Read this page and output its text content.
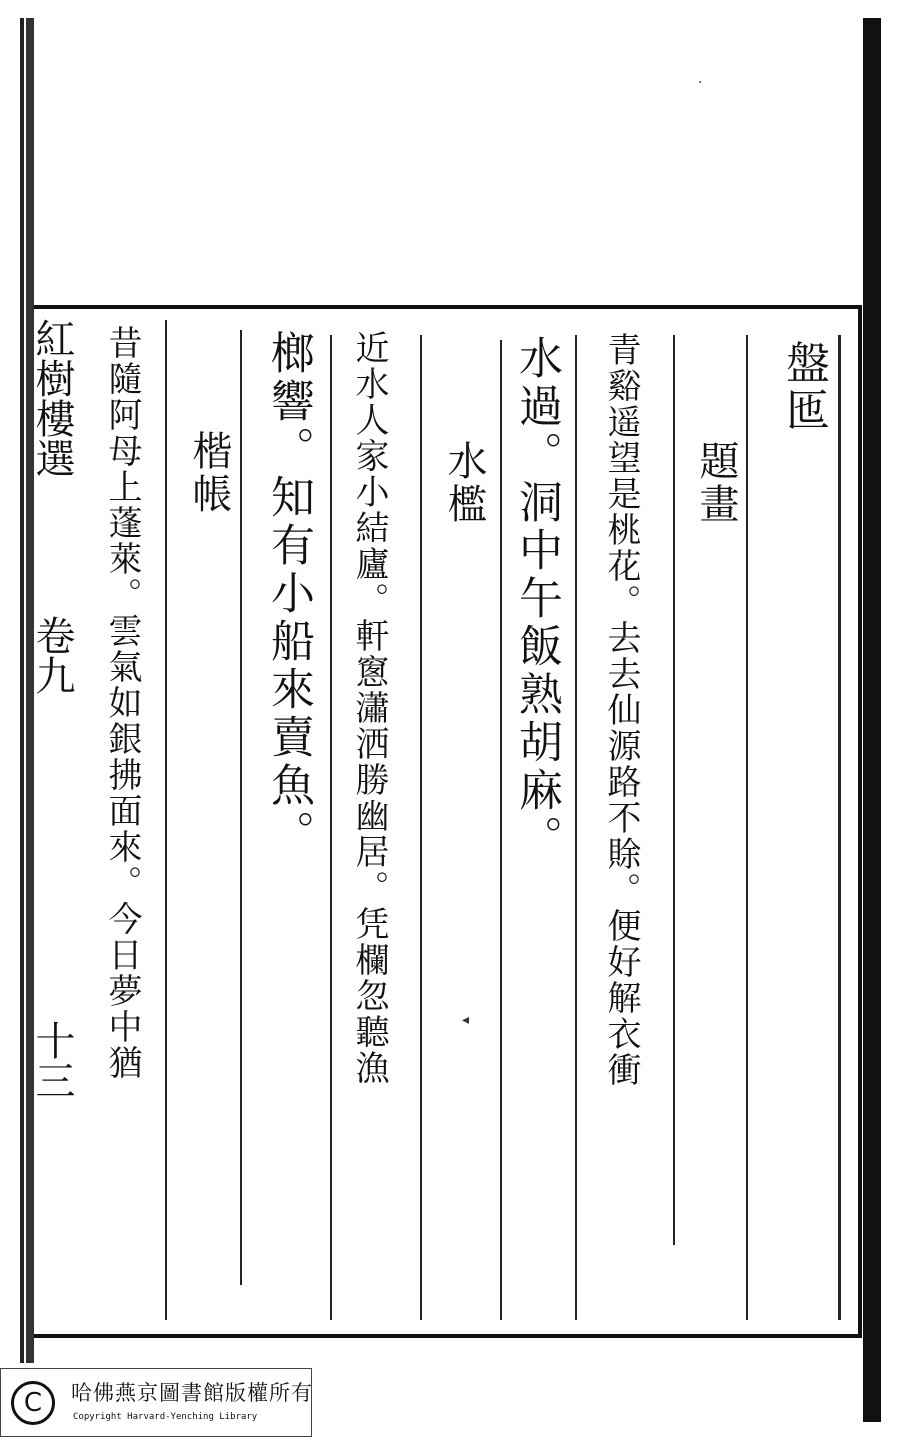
紅樹樓選
卷九
十三
盤匜
題畫
青谿遥望是桃花。去去仙源路不賖。便好解衣衝
水過。洞中午飯熟胡麻。
水檻
近水人家小結廬。軒窻瀟洒勝幽居。凭欄忽聽漁
榔響。知有小船來賣魚。
楷帳
昔隨阿母上蓬萊。雲氣如銀拂面來。今日夢中猶
·
◂
C	哈佛燕京圖書館版權所有
Copyright Harvard-Yenching Library
